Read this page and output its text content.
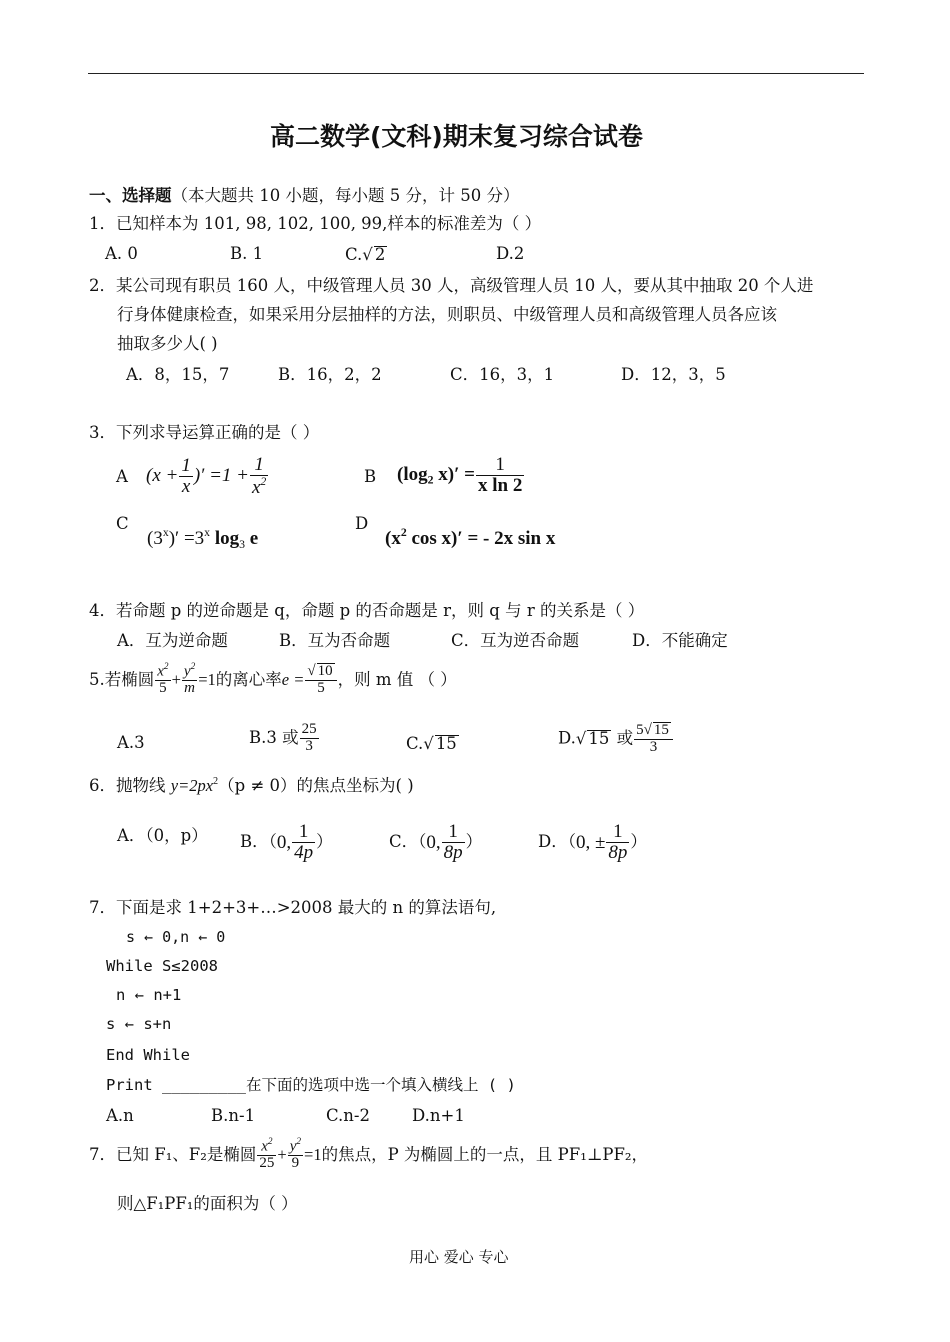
高二数学(文科)期末复习综合试卷
一、选择题（本大题共 10 小题，每小题 5 分，计 50 分）
1．已知样本为 101, 98, 102, 100, 99,样本的标准差为（ ）
A. 0	B. 1	C.√ 2	D.2
2．某公司现有职员 160 人，中级管理人员 30 人，高级管理人员 10 人，要从其中抽取 20 个人进
行身体健康检查，如果采用分层抽样的方法，则职员、中级管理人员和高级管理人员各应该
抽取多少人( )
A．8，15，7	B．16，2，2	C．16，3，1	D．12，3，5
3．下列求导运算正确的是（ ）
A ($x + \frac{1}{x}$ )′ $=1 + \frac{1}{x^2}$	B ($\log_2$ $x)' = \frac{1}{\text{x ln 2}}$
C
$(3^x)' =3^x$ $\log_3 e$
D
($x^2$ cos x)′ = - 2x sin x
4．若命题 p 的逆命题是 q，命题 p 的否命题是 r，则 q 与 r 的关系是（ ）
A．互为逆命题	B．互为否命题	C．互为逆否命题	D．不能确定
5.若椭圆 $\frac{x^2}{5} + \frac{y^2}{m} =1$的离心率$e = \frac{√ 10}{5}$ ，则 m 值 （ ）
A.3	B.3 或 $\frac{25}{3}$	C.√ 15	D.√ 15 或 $\frac{5√ 15}{3}$
6．抛物线 $y=2px^2(p \ne 0)$的焦点坐标为( )
A．（0，p） B．（0, $\frac{1}{4p}$ ）	C．（0, $\frac{1}{8p}$ ）	D．（0, ± $\frac{1}{8p}$ ）
7．下面是求 1+2+3+…>2008 最大的 n 的算法语句,
s ← 0,n ← 0
While S≤2008
n ← n+1
s ← s+n
End While
Print _________在下面的选项中选一个填入横线上 ( )
A.n	B.n-1	C.n-2	D.n+1
7．已知 F₁、F₂是椭圆 $\frac{x^2}{25} + \frac{y^2}{9} =1$的焦点，P 为椭圆上的一点，且 PF₁⊥PF₂，
则△F₁PF₁的面积为（ ）
用心 爱心 专心
